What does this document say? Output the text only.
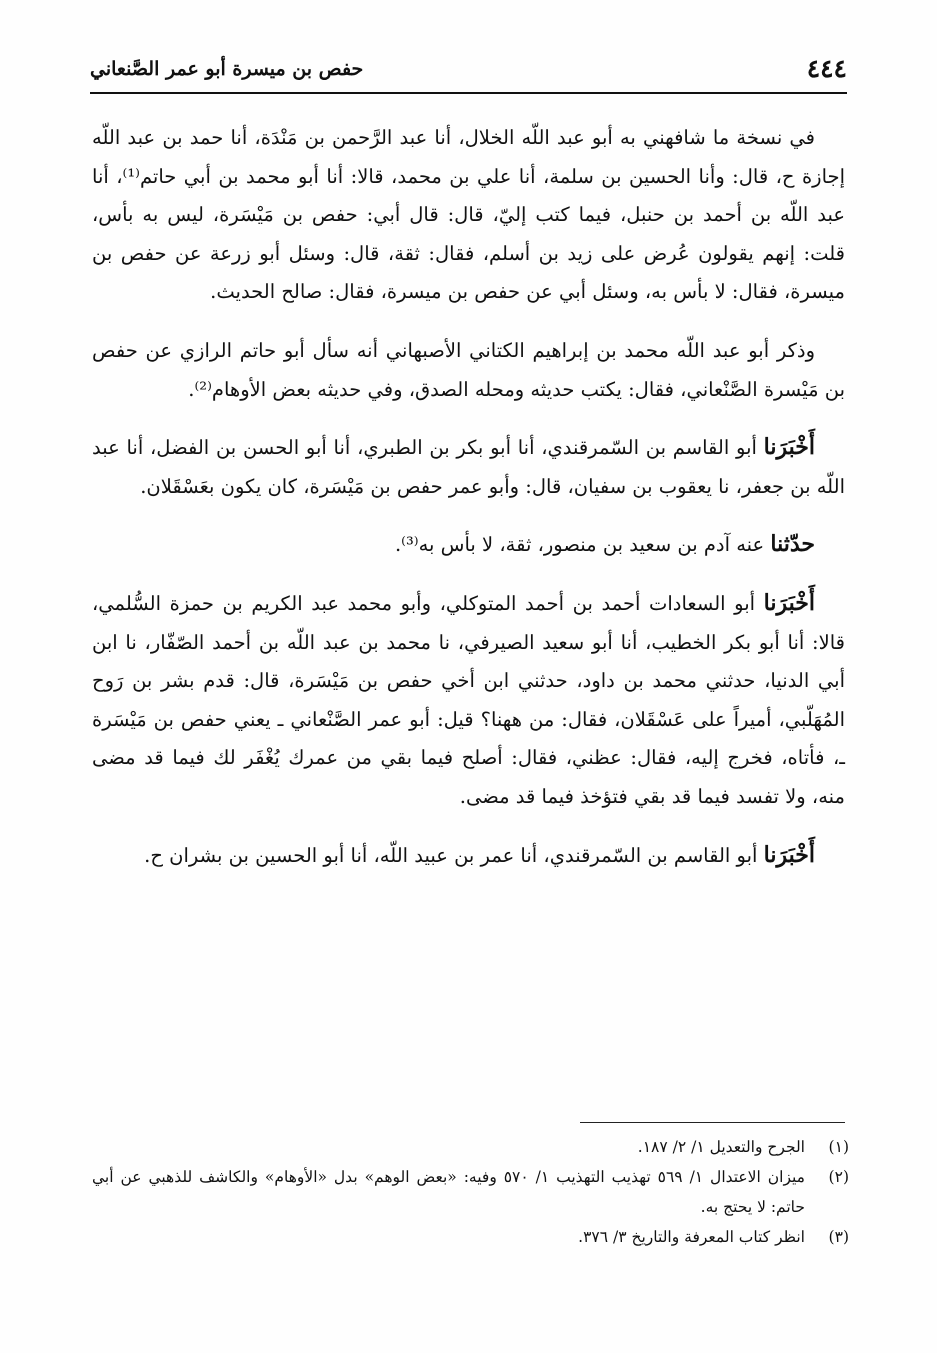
٤٤٤
حفص بن ميسرة أبو عمر الصَّنعاني

في نسخة ما شافهني به أبو عبد اللّه الخلال، أنا عبد الرَّحمن بن مَنْدَة، أنا حمد بن عبد اللّه إجازة ح، قال: وأنا الحسين بن سلمة، أنا علي بن محمد، قالا: أنا أبو محمد بن أبي حاتم⁽¹⁾، أنا عبد اللّه بن أحمد بن حنبل، فيما كتب إليّ، قال: قال أبي: حفص بن مَيْسَرة، ليس به بأس، قلت: إنهم يقولون عُرض على زيد بن أسلم، فقال: ثقة، قال: وسئل أبو زرعة عن حفص بن ميسرة، فقال: لا بأس به، وسئل أبي عن حفص بن ميسرة، فقال: صالح الحديث.

وذكر أبو عبد اللّه محمد بن إبراهيم الكتاني الأصبهاني أنه سأل أبو حاتم الرازي عن حفص بن مَيْسرة الصَّنْعاني، فقال: يكتب حديثه ومحله الصدق، وفي حديثه بعض الأوهام⁽²⁾.

أَخْبَرَنا أبو القاسم بن السّمرقندي، أنا أبو بكر بن الطبري، أنا أبو الحسن بن الفضل، أنا عبد اللّه بن جعفر، نا يعقوب بن سفيان، قال: وأبو عمر حفص بن مَيْسَرة، كان يكون بعَسْقَلان.

حدّثنا عنه آدم بن سعيد بن منصور، ثقة، لا بأس به⁽³⁾.

أَخْبَرَنا أبو السعادات أحمد بن أحمد المتوكلي، وأبو محمد عبد الكريم بن حمزة السُّلمي، قالا: أنا أبو بكر الخطيب، أنا أبو سعيد الصيرفي، نا محمد بن عبد اللّه بن أحمد الصّفّار، نا ابن أبي الدنيا، حدثني محمد بن داود، حدثني ابن أخي حفص بن مَيْسَرة، قال: قدم بشر بن رَوح المُهَلّبي، أميراً على عَسْقَلان، فقال: من ههنا؟ قيل: أبو عمر الصَّنْعاني ـ يعني حفص بن مَيْسَرة ـ، فأتاه، فخرج إليه، فقال: عظني، فقال: أصلح فيما بقي من عمرك يُغْفَر لك فيما قد مضى منه، ولا تفسد فيما قد بقي فتؤخذ فيما قد مضى.

أَخْبَرَنا أبو القاسم بن السّمرقندي، أنا عمر بن عبيد اللّه، أنا أبو الحسين بن بشران ح.

(١)
الجرح والتعديل ١/ ٢/ ١٨٧.

(٢)
ميزان الاعتدال ١/ ٥٦٩ تهذيب التهذيب ١/ ٥٧٠ وفيه: «بعض الوهم» بدل «الأوهام» والكاشف للذهبي عن أبي حاتم: لا يحتج به.

(٣)
انظر كتاب المعرفة والتاريخ ٣/ ٣٧٦.
